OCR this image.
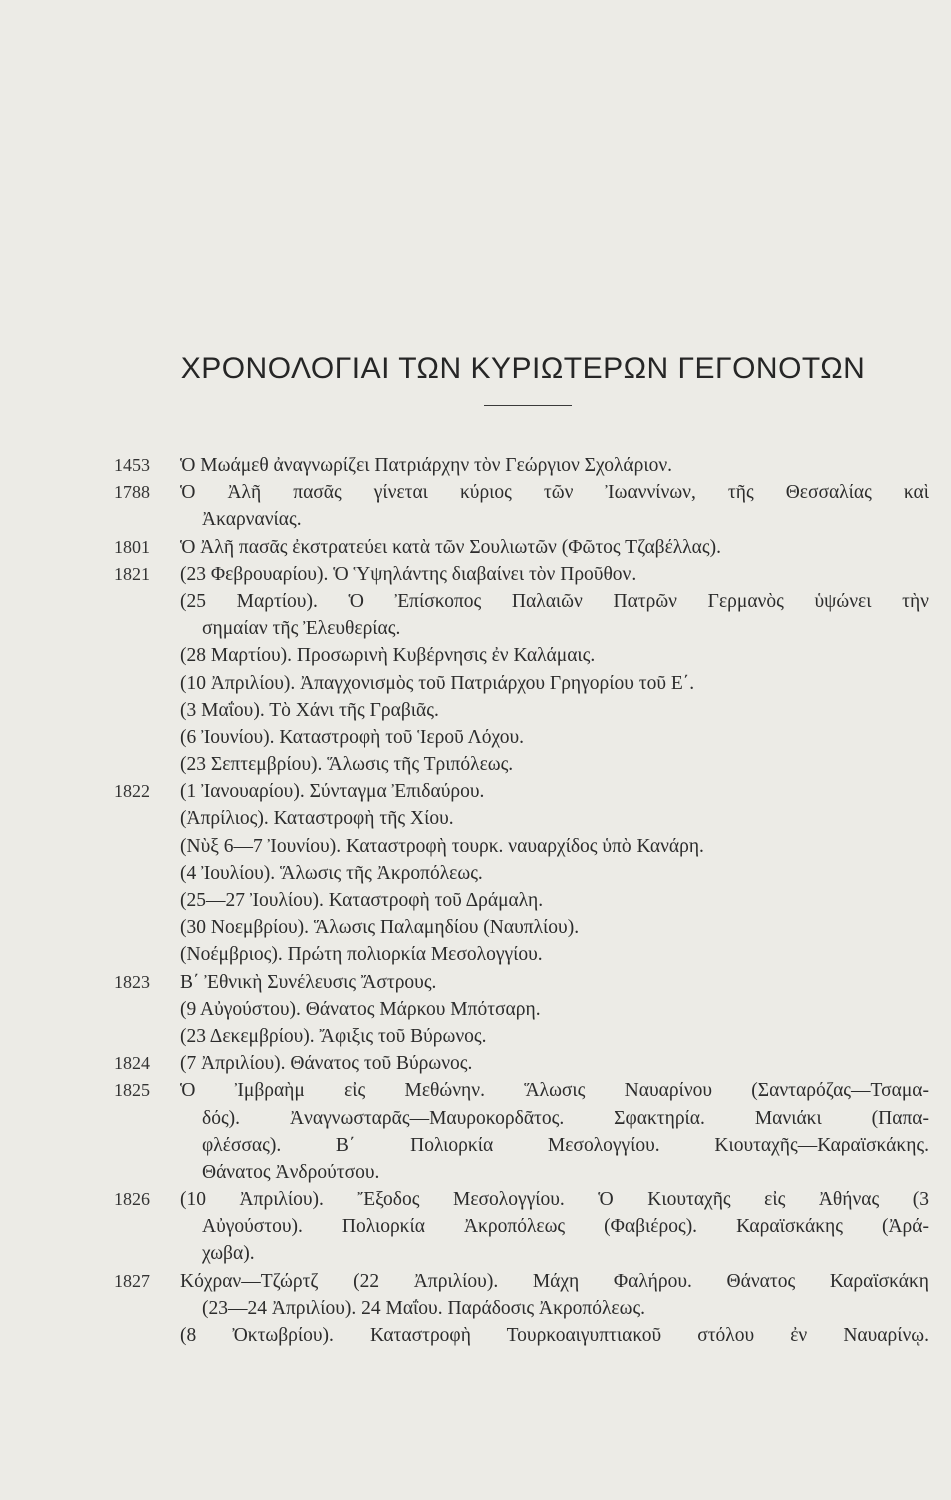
ΧΡΟΝΟΛΟΓΙΑΙ ΤΩΝ ΚΥΡΙΩΤΕΡΩΝ ΓΕΓΟΝΟΤΩΝ
1453	Ὁ Μωάμεθ ἀναγνωρίζει Πατριάρχην τὸν Γεώργιον Σχολάριον.
1788	Ὁ Ἀλῆ πασᾶς γίνεται κύριος τῶν Ἰωαννίνων, τῆς Θεσσαλίας καὶ
Ἀκαρνανίας.
1801	Ὁ Ἀλῆ πασᾶς ἐκστρατεύει κατὰ τῶν Σουλιωτῶν (Φῶτος Τζαβέλλας).
1821	(23 Φεβρουαρίου). Ὁ Ὑψηλάντης διαβαίνει τὸν Προῦθον.
(25 Μαρτίου). Ὁ Ἐπίσκοπος Παλαιῶν Πατρῶν Γερμανὸς ὑψώνει τὴν
σημαίαν τῆς Ἐλευθερίας.
(28 Μαρτίου). Προσωρινὴ Κυβέρνησις ἐν Καλάμαις.
(10 Ἀπριλίου). Ἀπαγχονισμὸς τοῦ Πατριάρχου Γρηγορίου τοῦ Ε΄.
(3 Μαΐου). Τὸ Χάνι τῆς Γραβιᾶς.
(6 Ἰουνίου). Καταστροφὴ τοῦ Ἱεροῦ Λόχου.
(23 Σεπτεμβρίου). Ἅλωσις τῆς Τριπόλεως.
1822	(1 Ἰανουαρίου). Σύνταγμα Ἐπιδαύρου.
(Ἀπρίλιος). Καταστροφὴ τῆς Χίου.
(Νὺξ 6—7 Ἰουνίου). Καταστροφὴ τουρκ. ναυαρχίδος ὑπὸ Κανάρη.
(4 Ἰουλίου). Ἅλωσις τῆς Ἀκροπόλεως.
(25—27 Ἰουλίου). Καταστροφὴ τοῦ Δράμαλη.
(30 Νοεμβρίου). Ἅλωσις Παλαμηδίου (Ναυπλίου).
(Νοέμβριος). Πρώτη πολιορκία Μεσολογγίου.
1823	Β΄ Ἐθνικὴ Συνέλευσις Ἄστρους.
(9 Αὐγούστου). Θάνατος Μάρκου Μπότσαρη.
(23 Δεκεμβρίου). Ἄφιξις τοῦ Βύρωνος.
1824	(7 Ἀπριλίου). Θάνατος τοῦ Βύρωνος.
1825	Ὁ Ἰμβραὴμ εἰς Μεθώνην. Ἅλωσις Ναυαρίνου (Σανταρόζας—Τσαμα-
δός). Ἀναγνωσταρᾶς—Μαυροκορδᾶτος. Σφακτηρία. Μανιάκι (Παπα-
φλέσσας). Β΄ Πολιορκία Μεσολογγίου. Κιουταχῆς—Καραϊσκάκης.
Θάνατος Ἀνδρούτσου.
1826	(10 Ἀπριλίου). Ἔξοδος Μεσολογγίου. Ὁ Κιουταχῆς εἰς Ἀθήνας (3
Αὐγούστου). Πολιορκία Ἀκροπόλεως (Φαβιέρος). Καραϊσκάκης (Ἀρά-
χωβα).
1827	Κόχραν—Τζώρτζ (22 Ἀπριλίου). Μάχη Φαλήρου. Θάνατος Καραϊσκάκη
(23—24 Ἀπριλίου). 24 Μαΐου. Παράδοσις Ἀκροπόλεως.
(8 Ὀκτωβρίου). Καταστροφὴ Τουρκοαιγυπτιακοῦ στόλου ἐν Ναυαρίνῳ.
